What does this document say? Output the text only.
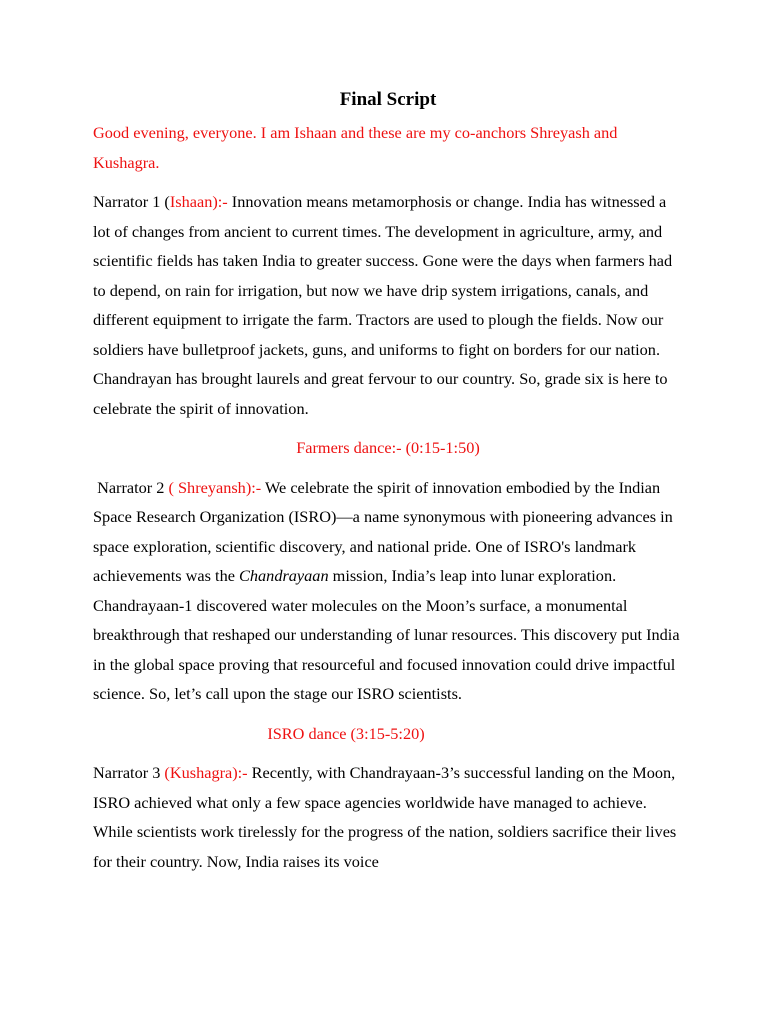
Final Script

Good evening, everyone. I am Ishaan and these are my co-anchors Shreyash and Kushagra.

Narrator 1 (Ishaan):- Innovation means metamorphosis or change. India has witnessed a lot of changes from ancient to current times. The development in agriculture, army, and scientific fields has taken India to greater success. Gone were the days when farmers had to depend, on rain for irrigation, but now we have drip system irrigations, canals, and different equipment to irrigate the farm. Tractors are used to plough the fields. Now our soldiers have bulletproof jackets, guns, and uniforms to fight on borders for our nation. Chandrayan has brought laurels and great fervour to our country. So, grade six is here to celebrate the spirit of innovation.

Farmers dance:- (0:15-1:50)

Narrator 2 ( Shreyansh):- We celebrate the spirit of innovation embodied by the Indian Space Research Organization (ISRO)—a name synonymous with pioneering advances in space exploration, scientific discovery, and national pride. One of ISRO's landmark achievements was the Chandrayaan mission, India’s leap into lunar exploration. Chandrayaan-1 discovered water molecules on the Moon’s surface, a monumental breakthrough that reshaped our understanding of lunar resources. This discovery put India in the global space proving that resourceful and focused innovation could drive impactful science. So, let’s call upon the stage our ISRO scientists.

ISRO dance (3:15-5:20)

Narrator 3 (Kushagra):- Recently, with Chandrayaan-3’s successful landing on the Moon, ISRO achieved what only a few space agencies worldwide have managed to achieve. While scientists work tirelessly for the progress of the nation, soldiers sacrifice their lives for their country. Now, India raises its voice
